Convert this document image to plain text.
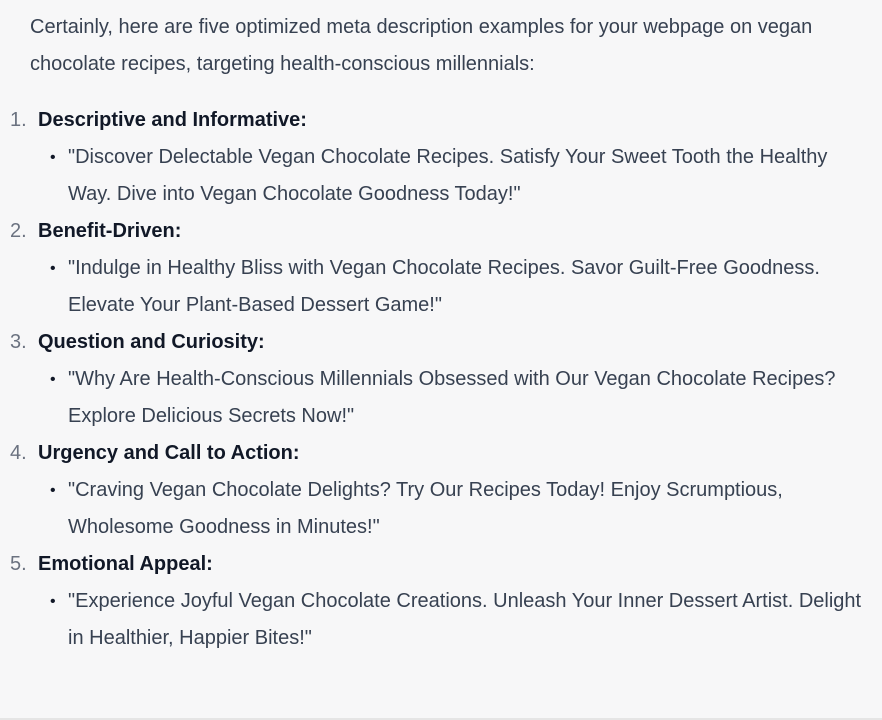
Certainly, here are five optimized meta description examples for your webpage on vegan chocolate recipes, targeting health-conscious millennials:

1. Descriptive and Informative:
• "Discover Delectable Vegan Chocolate Recipes. Satisfy Your Sweet Tooth the Healthy Way. Dive into Vegan Chocolate Goodness Today!"
2. Benefit-Driven:
• "Indulge in Healthy Bliss with Vegan Chocolate Recipes. Savor Guilt-Free Goodness. Elevate Your Plant-Based Dessert Game!"
3. Question and Curiosity:
• "Why Are Health-Conscious Millennials Obsessed with Our Vegan Chocolate Recipes? Explore Delicious Secrets Now!"
4. Urgency and Call to Action:
• "Craving Vegan Chocolate Delights? Try Our Recipes Today! Enjoy Scrumptious, Wholesome Goodness in Minutes!"
5. Emotional Appeal:
• "Experience Joyful Vegan Chocolate Creations. Unleash Your Inner Dessert Artist. Delight in Healthier, Happier Bites!"
